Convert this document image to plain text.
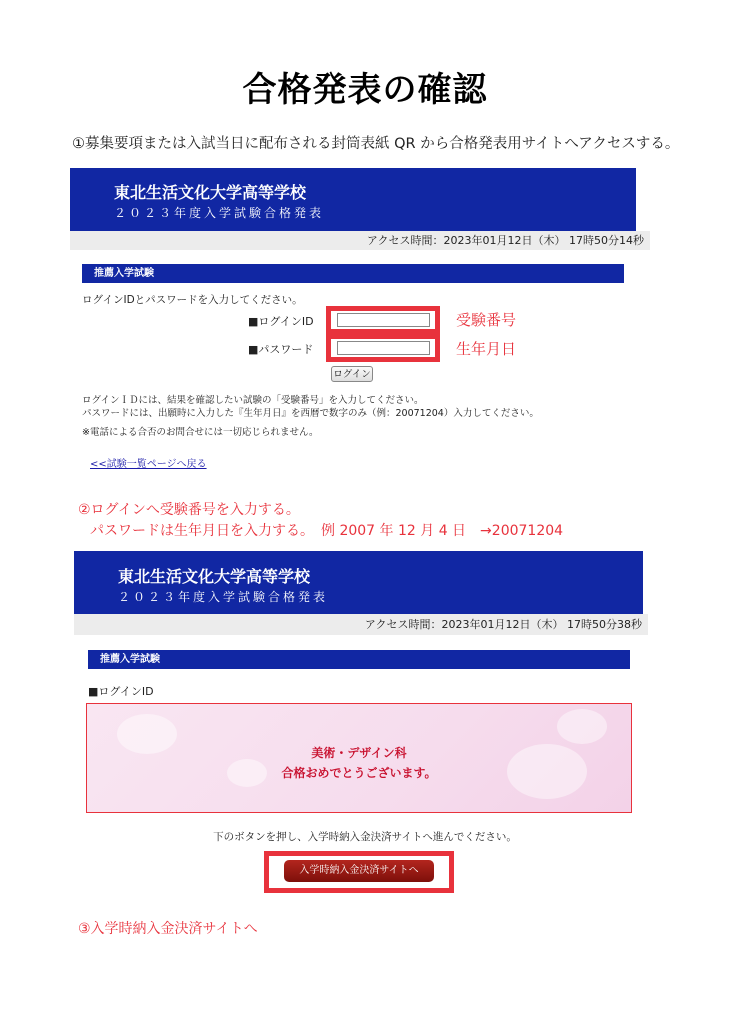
合格発表の確認
①募集要項または入試当日に配布される封筒表紙 QR から合格発表用サイトへアクセスする。
東北生活文化大学高等学校
２０２３年度入学試験合格発表
アクセス時間：2023年01月12日（木） 17時50分14秒
推薦入学試験
ログインIDとパスワードを入力してください。
■ログインID
■パスワード
受験番号
生年月日
ログイン
ログインＩＤには、結果を確認したい試験の「受験番号」を入力してください。
パスワードには、出願時に入力した『生年月日』を西暦で数字のみ（例：20071204）入力してください。
※電話による合否のお問合せには一切応じられません。
<<試験一覧ページへ戻る
②ログインへ受験番号を入力する。
パスワードは生年月日を入力する。　例 2007 年 12 月 4 日　→20071204
東北生活文化大学高等学校
２０２３年度入学試験合格発表
アクセス時間：2023年01月12日（木） 17時50分38秒
推薦入学試験
■ログインID
美術・デザイン科
合格おめでとうございます。
下のボタンを押し、入学時納入金決済サイトへ進んでください。
入学時納入金決済サイトへ
③入学時納入金決済サイトへ
